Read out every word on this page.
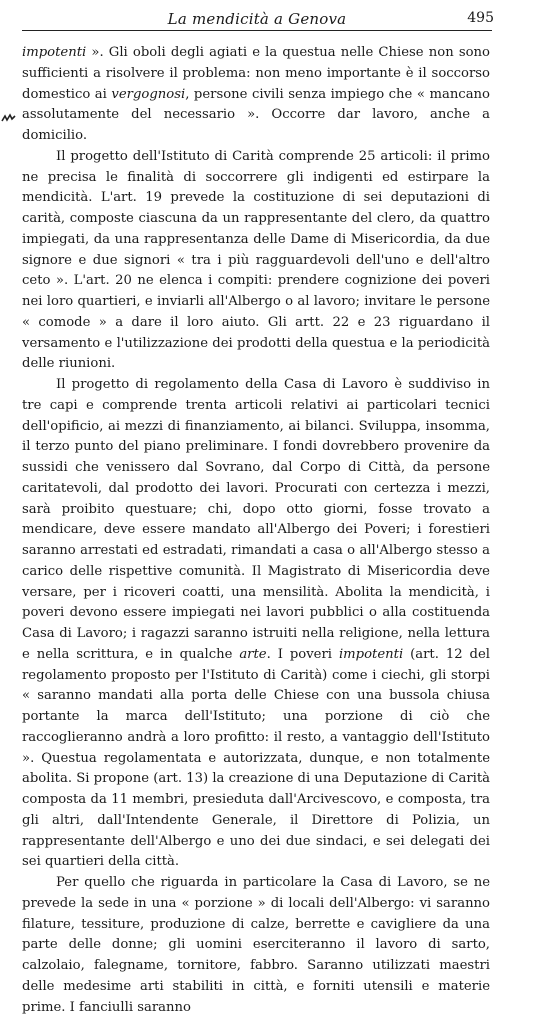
La mendicità a Genova	495

impotenti ». Gli oboli degli agiati e la questua nelle Chiese non sono sufficienti a risolvere il problema: non meno importante è il soccorso domestico ai vergognosi, persone civili senza impiego che « mancano assolutamente del necessario ». Occorre dar lavoro, anche a domicilio.

Il progetto dell'Istituto di Carità comprende 25 articoli: il primo ne precisa le finalità di soccorrere gli indigenti ed estirpare la mendicità. L'art. 19 prevede la costituzione di sei deputazioni di carità, composte ciascuna da un rappresentante del clero, da quattro impiegati, da una rappresentanza delle Dame di Misericordia, da due signore e due signori « tra i più ragguardevoli dell'uno e dell'altro ceto ». L'art. 20 ne elenca i compiti: prendere cognizione dei poveri nei loro quartieri, e inviarli all'Albergo o al lavoro; invitare le persone « comode » a dare il loro aiuto. Gli artt. 22 e 23 riguardano il versamento e l'utilizzazione dei prodotti della questua e la periodicità delle riunioni.

Il progetto di regolamento della Casa di Lavoro è suddiviso in tre capi e comprende trenta articoli relativi ai particolari tecnici dell'opificio, ai mezzi di finanziamento, ai bilanci. Sviluppa, insomma, il terzo punto del piano preliminare. I fondi dovrebbero provenire da sussidi che venissero dal Sovrano, dal Corpo di Città, da persone caritatevoli, dal prodotto dei lavori. Procurati con certezza i mezzi, sarà proibito questuare; chi, dopo otto giorni, fosse trovato a mendicare, deve essere mandato all'Albergo dei Poveri; i forestieri saranno arrestati ed estradati, rimandati a casa o all'Albergo stesso a carico delle rispettive comunità. Il Magistrato di Misericordia deve versare, per i ricoveri coatti, una mensilità. Abolita la mendicità, i poveri devono essere impiegati nei lavori pubblici o alla costituenda Casa di Lavoro; i ragazzi saranno istruiti nella religione, nella lettura e nella scrittura, e in qualche arte. I poveri impotenti (art. 12 del regolamento proposto per l'Istituto di Carità) come i ciechi, gli storpi « saranno mandati alla porta delle Chiese con una bussola chiusa portante la marca dell'Istituto; una porzione di ciò che raccoglieranno andrà a loro profitto: il resto, a vantaggio dell'Istituto ». Questua regolamentata e autorizzata, dunque, e non totalmente abolita. Si propone (art. 13) la creazione di una Deputazione di Carità composta da 11 membri, presieduta dall'Arcivescovo, e composta, tra gli altri, dall'Intendente Generale, il Direttore di Polizia, un rappresentante dell'Albergo e uno dei due sindaci, e sei delegati dei sei quartieri della città.

Per quello che riguarda in particolare la Casa di Lavoro, se ne prevede la sede in una « porzione » di locali dell'Albergo: vi saranno filature, tessiture, produzione di calze, berrette e cavigliere da una parte delle donne; gli uomini eserciteranno il lavoro di sarto, calzolaio, falegname, tornitore, fabbro. Saranno utilizzati maestri delle medesime arti stabiliti in città, e forniti utensili e materie prime. I fanciulli saranno
